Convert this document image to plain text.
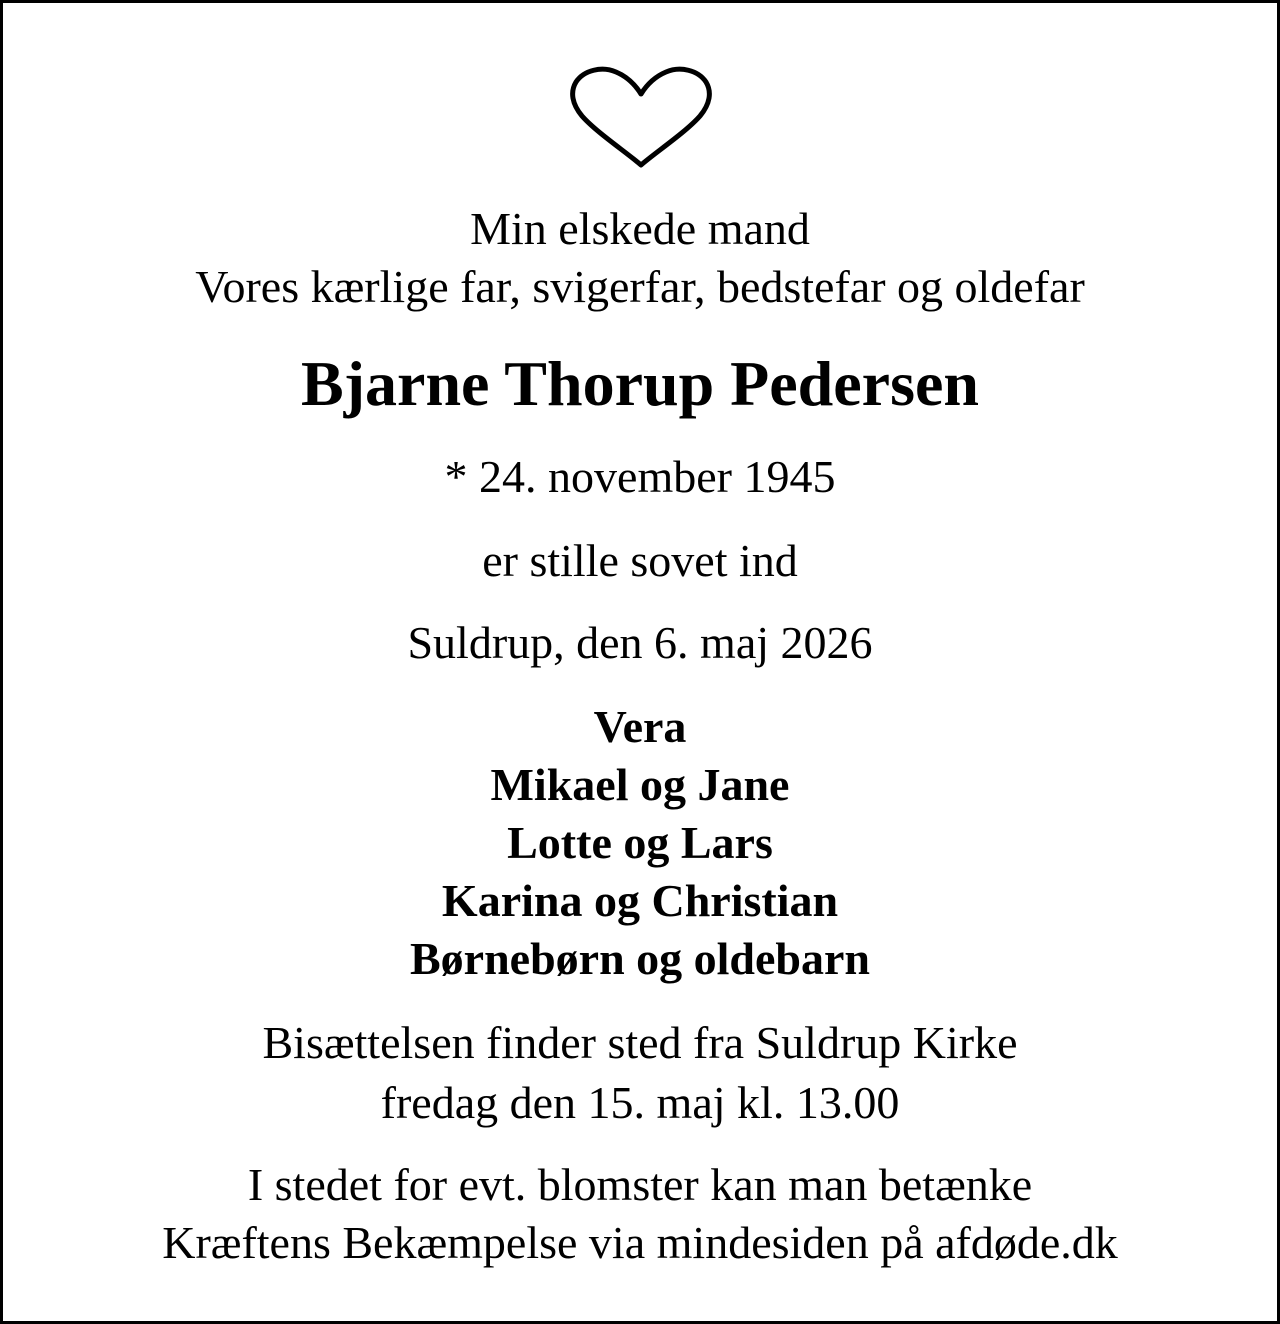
Min elskede mand
Vores kærlige far, svigerfar, bedstefar og oldefar
Bjarne Thorup Pedersen
* 24. november 1945
er stille sovet ind
Suldrup, den 6. maj 2026
Vera
Mikael og Jane
Lotte og Lars
Karina og Christian
Børnebørn og oldebarn
Bisættelsen finder sted fra Suldrup Kirke
fredag den 15. maj kl. 13.00
I stedet for evt. blomster kan man betænke
Kræftens Bekæmpelse via mindesiden på afdøde.dk
